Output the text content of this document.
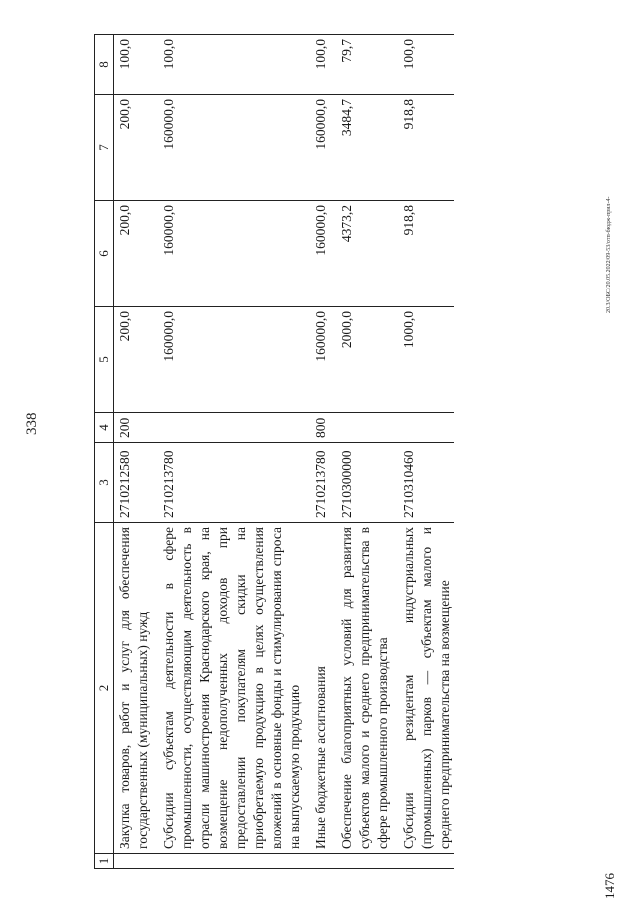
338
1476
20.3/ОБС/20.05.2022/09-53/отп-бюдж-прил-4-
1	2	3	4	5	6	7	8
	Закупка товаров, работ и услуг для обеспечения государственных (муниципальных) нужд	2710212580	200	200,0	200,0	200,0	100,0
	Субсидии субъектам деятельности в сфере промышленности, осуществляющим деятельность в отрасли машиностроения Краснодарского края, на возмещение недополученных доходов при предоставлении покупателям скидки на приобретаемую продукцию в целях осуществления вложений в основные фонды и стимулирования спроса на выпускаемую продукцию	2710213780		160000,0	160000,0	160000,0	100,0
	Иные бюджетные ассигнования	2710213780	800	160000,0	160000,0	160000,0	100,0
	Обеспечение благоприятных условий для развития субъектов малого и среднего предпринимательства в сфере промышленного производства	2710300000		2000,0	4373,2	3484,7	79,7
	Субсидии резидентам индустриальных (промышленных) парков — субъектам малого и среднего предпринимательства на возмещение	2710310460		1000,0	918,8	918,8	100,0
